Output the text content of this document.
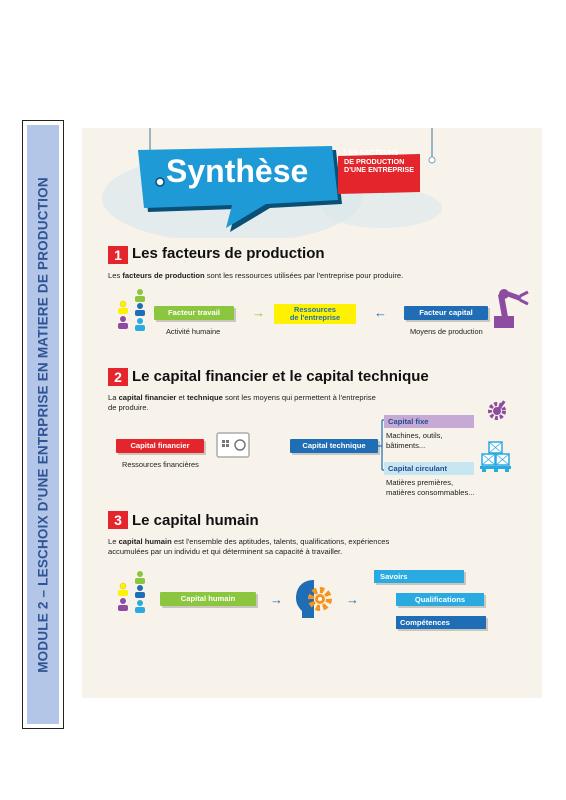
MODULE 2 – LESCHOIX D’UNE ENTRPRISE EN MATIERE DE PRODUCTION
Synthèse
LES FACTEURS
DE PRODUCTION
D'UNE ENTREPRISE
1 Les facteurs de production
Les facteurs de production sont les ressources utilisées par l'entreprise pour produire.
Facteur travail
Activité humaine
→	Ressources
de l'entreprise	←	Facteur capital
Moyens de production
2 Le capital financier et le capital technique
La capital financier et technique sont les moyens qui permettent à l'entreprise
de produire.
Capital financier
Ressources financières
Capital technique
Capital fixe
Machines, outils,
bâtiments...
Capital circulant
Matières premières,
matières consommables...
3 Le capital humain
Le capital humain est l'ensemble des aptitudes, talents, qualifications, expériences
accumulées par un individu et qui déterminent sa capacité à travailler.
Capital humain	→	→
Savoirs
Qualifications
Compétences
